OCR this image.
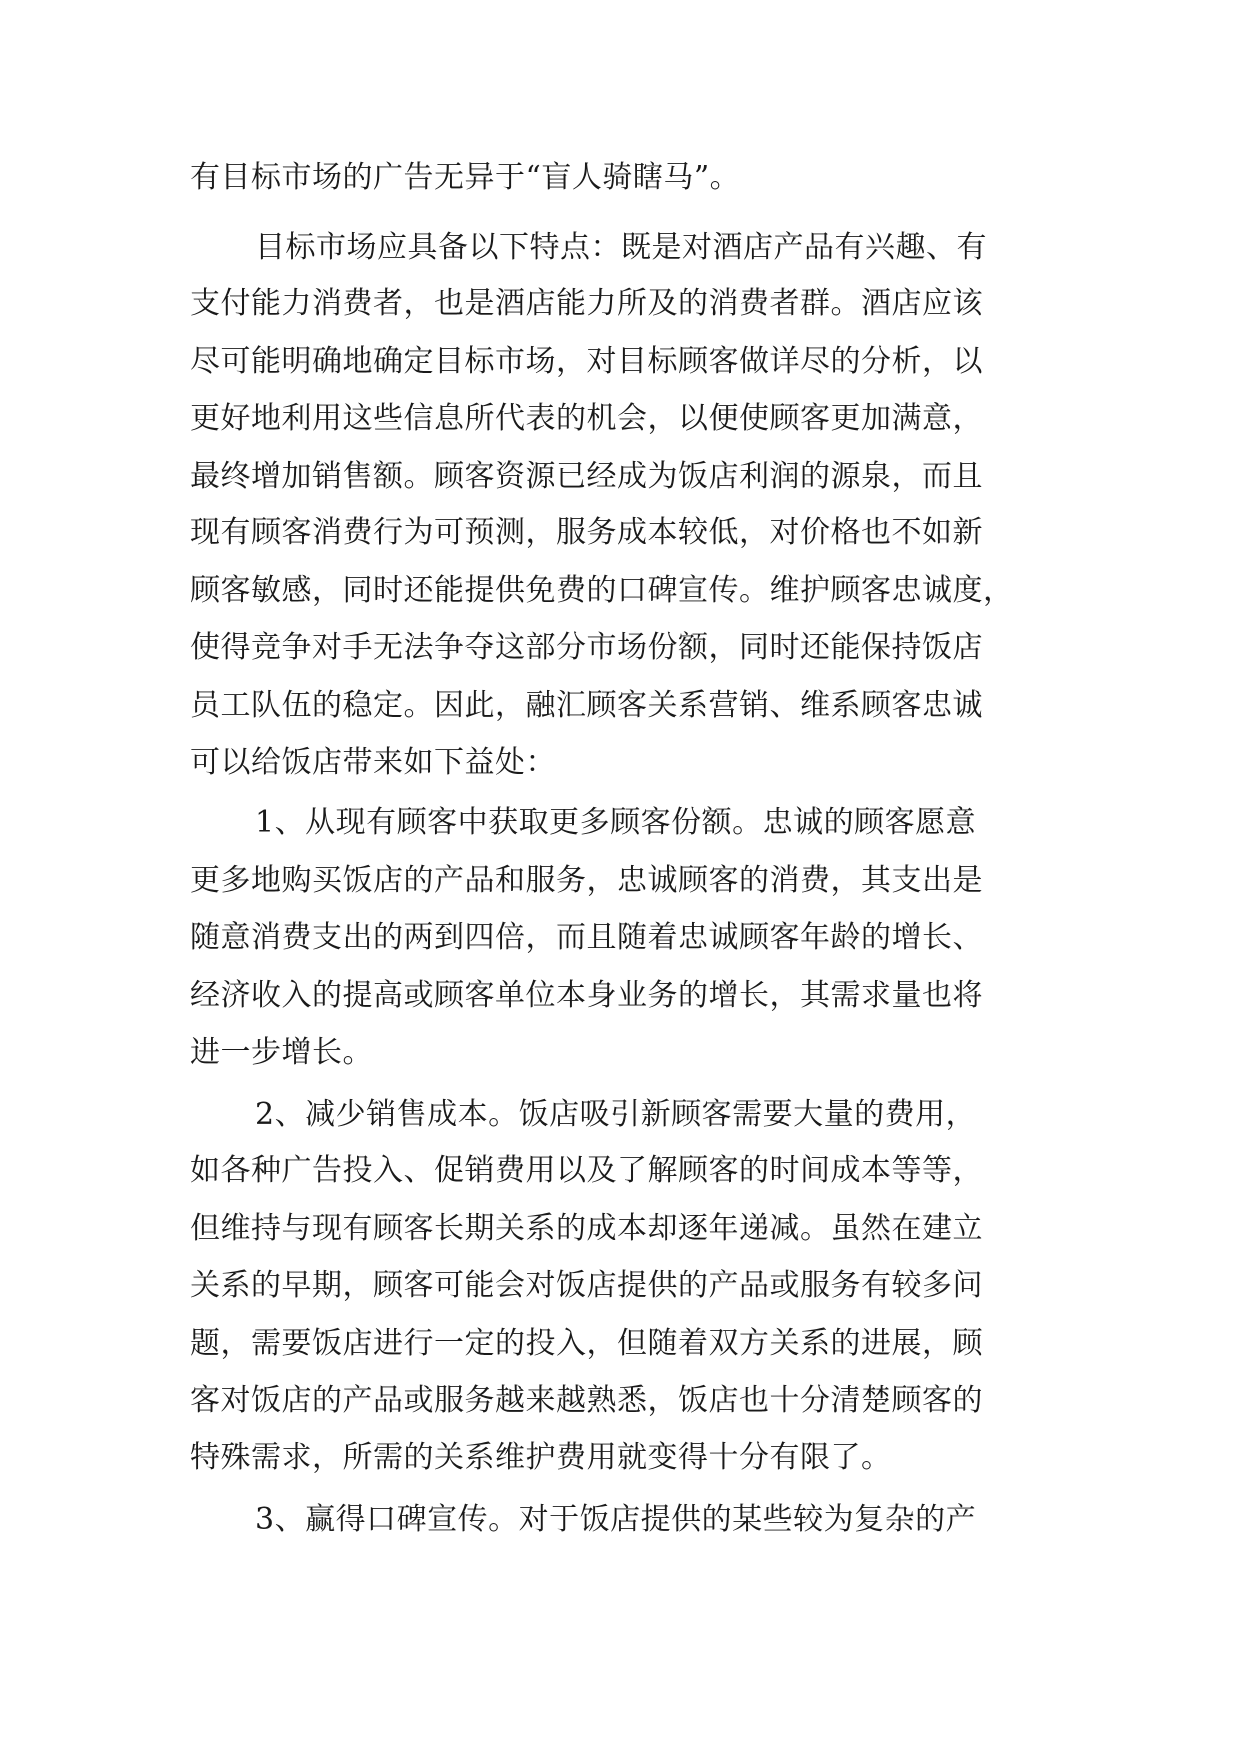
有目标市场的广告无异于“盲人骑瞎马”。
目标市场应具备以下特点：既是对酒店产品有兴趣、有
支付能力消费者，也是酒店能力所及的消费者群。酒店应该
尽可能明确地确定目标市场，对目标顾客做详尽的分析，以
更好地利用这些信息所代表的机会，以便使顾客更加满意，
最终增加销售额。顾客资源已经成为饭店利润的源泉，而且
现有顾客消费行为可预测，服务成本较低，对价格也不如新
顾客敏感，同时还能提供免费的口碑宣传。维护顾客忠诚度，
使得竞争对手无法争夺这部分市场份额，同时还能保持饭店
员工队伍的稳定。因此，融汇顾客关系营销、维系顾客忠诚
可以给饭店带来如下益处：
1、从现有顾客中获取更多顾客份额。忠诚的顾客愿意
更多地购买饭店的产品和服务，忠诚顾客的消费，其支出是
随意消费支出的两到四倍，而且随着忠诚顾客年龄的增长、
经济收入的提高或顾客单位本身业务的增长，其需求量也将
进一步增长。
2、减少销售成本。饭店吸引新顾客需要大量的费用，
如各种广告投入、促销费用以及了解顾客的时间成本等等，
但维持与现有顾客长期关系的成本却逐年递减。虽然在建立
关系的早期，顾客可能会对饭店提供的产品或服务有较多问
题，需要饭店进行一定的投入，但随着双方关系的进展，顾
客对饭店的产品或服务越来越熟悉，饭店也十分清楚顾客的
特殊需求，所需的关系维护费用就变得十分有限了。
3、赢得口碑宣传。对于饭店提供的某些较为复杂的产
